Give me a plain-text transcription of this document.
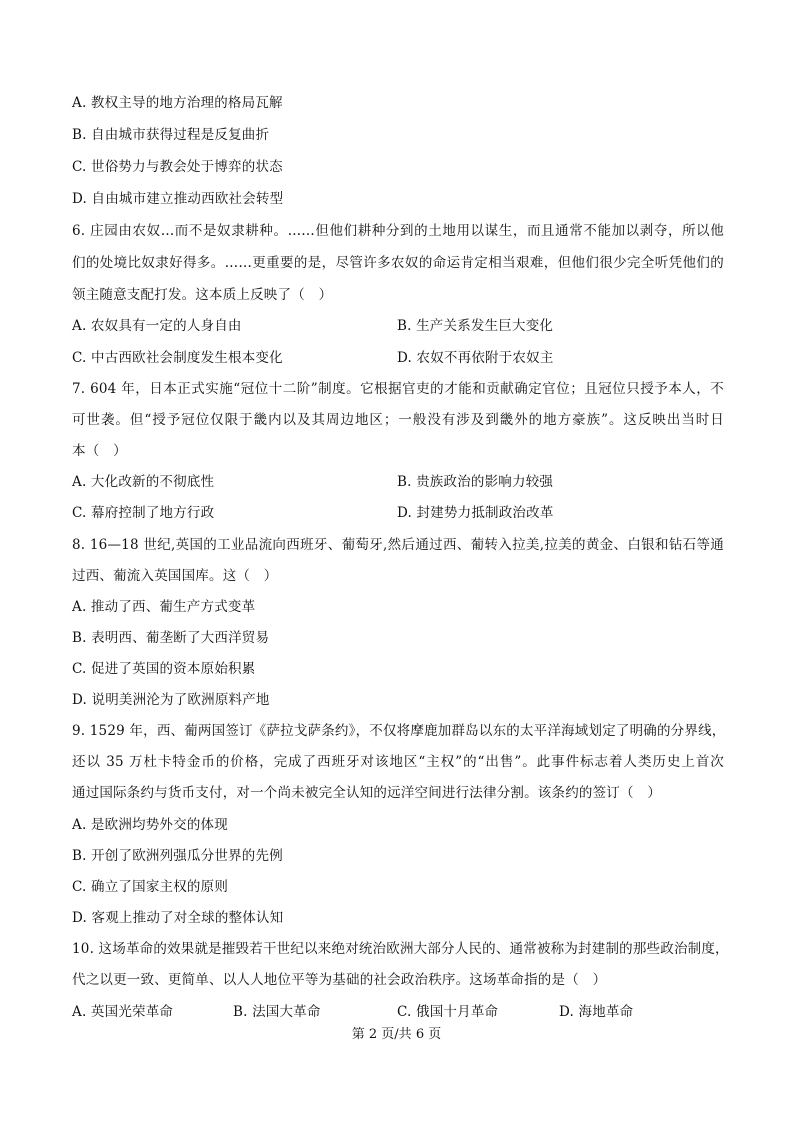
A. 教权主导的地方治理的格局瓦解
B. 自由城市获得过程是反复曲折
C. 世俗势力与教会处于博弈的状态
D. 自由城市建立推动西欧社会转型
6. 庄园由农奴…而不是奴隶耕种。……但他们耕种分到的土地用以谋生，而且通常不能加以剥夺，所以他
们的处境比奴隶好得多。……更重要的是，尽管许多农奴的命运肯定相当艰难，但他们很少完全听凭他们的
领主随意支配打发。这本质上反映了（　）
A. 农奴具有一定的人身自由	B. 生产关系发生巨大变化
C. 中古西欧社会制度发生根本变化	D. 农奴不再依附于农奴主
7. 604 年，日本正式实施“冠位十二阶”制度。它根据官吏的才能和贡献确定官位；且冠位只授予本人，不
可世袭。但“授予冠位仅限于畿内以及其周边地区；一般没有涉及到畿外的地方豪族”。这反映出当时日
本（　）
A. 大化改新的不彻底性	B. 贵族政治的影响力较强
C. 幕府控制了地方行政	D. 封建势力抵制政治改革
8. 16—18 世纪,英国的工业品流向西班牙、葡萄牙,然后通过西、葡转入拉美,拉美的黄金、白银和钻石等通
过西、葡流入英国国库。这（　）
A. 推动了西、葡生产方式变革
B. 表明西、葡垄断了大西洋贸易
C. 促进了英国的资本原始积累
D. 说明美洲沦为了欧洲原料产地
9. 1529 年，西、葡两国签订《萨拉戈萨条约》，不仅将摩鹿加群岛以东的太平洋海域划定了明确的分界线，
还以 35 万杜卡特金币的价格，完成了西班牙对该地区“主权”的“出售”。此事件标志着人类历史上首次
通过国际条约与货币支付，对一个尚未被完全认知的远洋空间进行法律分割。该条约的签订（　）
A. 是欧洲均势外交的体现
B. 开创了欧洲列强瓜分世界的先例
C. 确立了国家主权的原则
D. 客观上推动了对全球的整体认知
10. 这场革命的效果就是摧毁若干世纪以来绝对统治欧洲大部分人民的、通常被称为封建制的那些政治制度，
代之以更一致、更简单、以人人地位平等为基础的社会政治秩序。这场革命指的是（　）
A. 英国光荣革命	B. 法国大革命	C. 俄国十月革命	D. 海地革命
第 2 页/共 6 页
